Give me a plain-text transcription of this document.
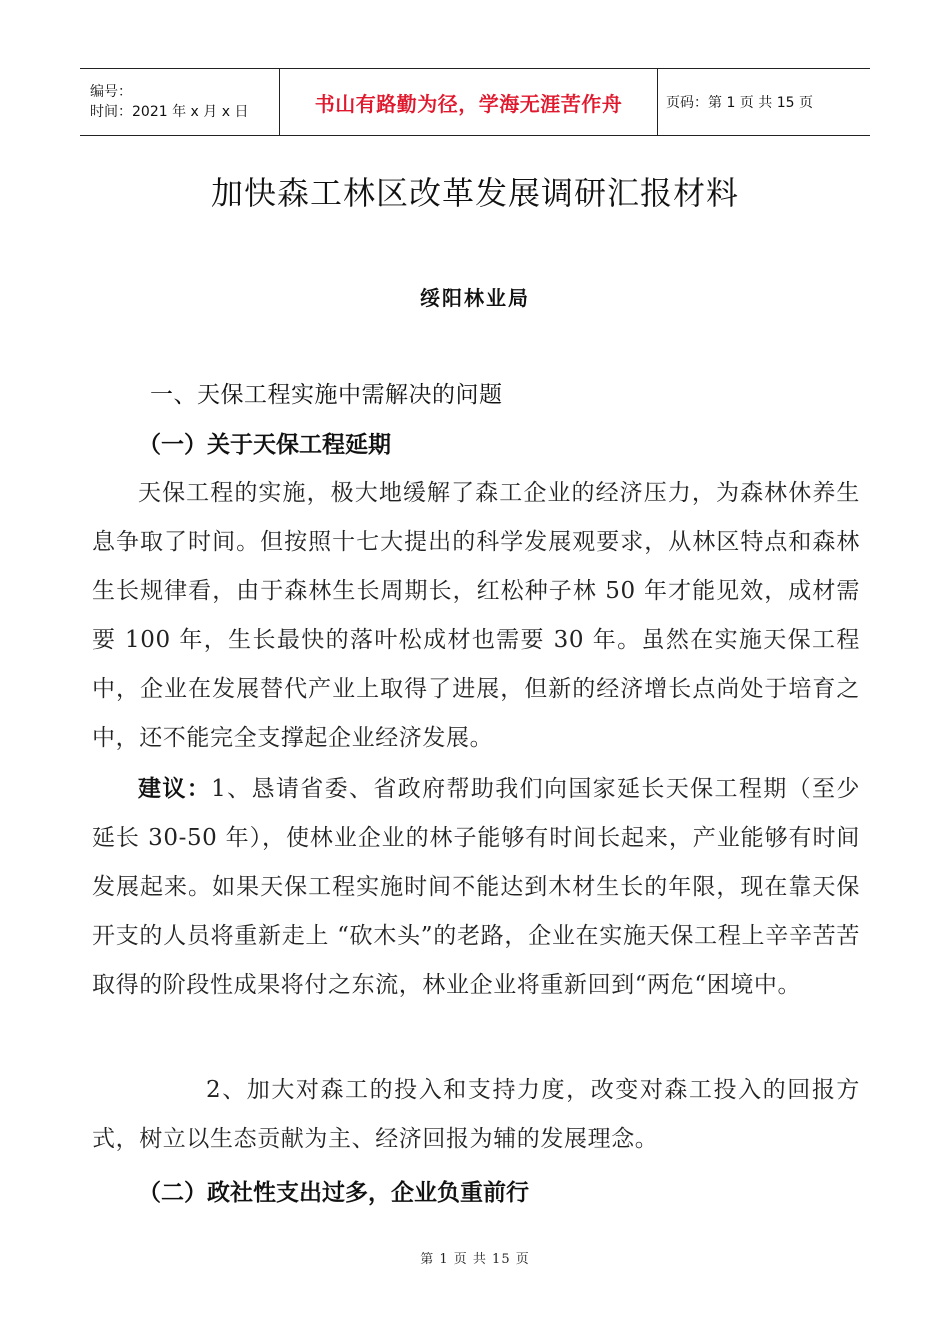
编号：
时间：2021 年 x 月 x 日	书山有路勤为径，学海无涯苦作舟	页码：第 1 页 共 15 页
加快森工林区改革发展调研汇报材料
绥阳林业局
一、天保工程实施中需解决的问题
（一）关于天保工程延期
天保工程的实施，极大地缓解了森工企业的经济压力，为森林休养生息争取了时间。但按照十七大提出的科学发展观要求，从林区特点和森林生长规律看，由于森林生长周期长，红松种子林 50 年才能见效，成材需要 100 年，生长最快的落叶松成材也需要 30 年。虽然在实施天保工程中，企业在发展替代产业上取得了进展，但新的经济增长点尚处于培育之中，还不能完全支撑起企业经济发展。
建议：1、恳请省委、省政府帮助我们向国家延长天保工程期（至少延长 30-50 年），使林业企业的林子能够有时间长起来，产业能够有时间发展起来。如果天保工程实施时间不能达到木材生长的年限，现在靠天保开支的人员将重新走上 “砍木头”的老路，企业在实施天保工程上辛辛苦苦取得的阶段性成果将付之东流，林业企业将重新回到“两危“困境中。
2、加大对森工的投入和支持力度，改变对森工投入的回报方式，树立以生态贡献为主、经济回报为辅的发展理念。
（二）政社性支出过多，企业负重前行
第 1 页 共 15 页
